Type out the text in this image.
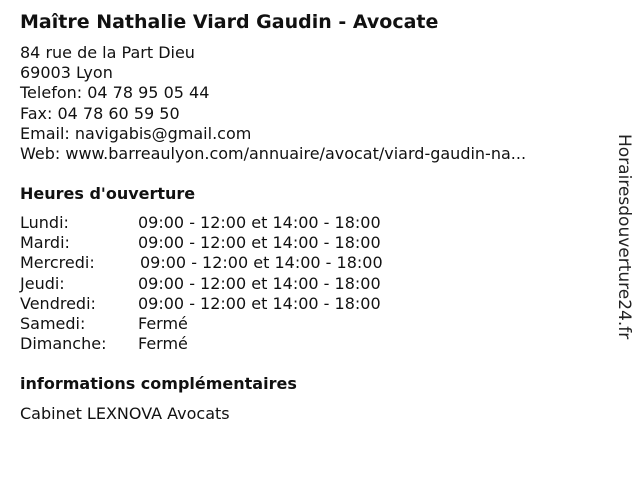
Maître Nathalie Viard Gaudin - Avocate
84 rue de la Part Dieu
69003 Lyon
Telefon: 04 78 95 05 44
Fax: 04 78 60 59 50
Email: navigabis@gmail.com
Web: www.barreaulyon.com/annuaire/avocat/viard-gaudin-na...
Heures d'ouverture
Lundi:	09:00 - 12:00 et 14:00 - 18:00
Mardi:	09:00 - 12:00 et 14:00 - 18:00
Mercredi:	09:00 - 12:00 et 14:00 - 18:00
Jeudi:	09:00 - 12:00 et 14:00 - 18:00
Vendredi:	09:00 - 12:00 et 14:00 - 18:00
Samedi:	Fermé
Dimanche: Fermé
informations complémentaires
Cabinet LEXNOVA Avocats
Horairesdouverture24.fr
